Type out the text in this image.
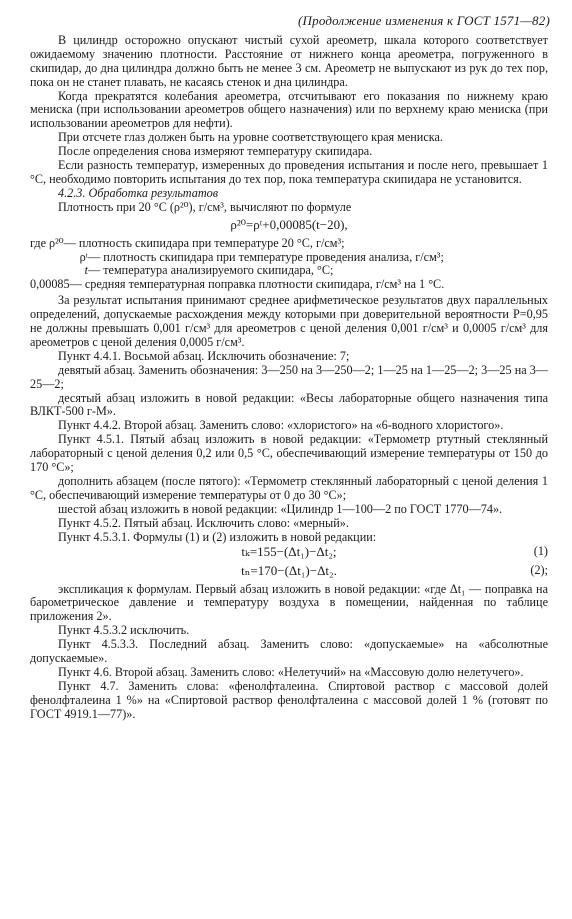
(Продолжение изменения к ГОСТ 1571—82)

В цилиндр осторожно опускают чистый сухой ареометр, шкала которого соответствует ожидаемому значению плотности. Расстояние от нижнего конца ареометра, погруженного в скипидар, до дна цилиндра должно быть не менее 3 см. Ареометр не выпускают из рук до тех пор, пока он не станет плавать, не касаясь стенок и дна цилиндра.

Когда прекратятся колебания ареометра, отсчитывают его показания по нижнему краю мениска (при использовании ареометров общего назначения) или по верхнему краю мениска (при использовании ареометров для нефти).

При отсчете глаз должен быть на уровне соответствующего края мениска.

После определения снова измеряют температуру скипидара.

Если разность температур, измеренных до проведения испытания и после него, превышает 1 °C, необходимо повторить испытания до тех пор, пока температура скипидара не установится.

4.2.3. Обработка результатов

Плотность при 20 °C (ρ²⁰), г/см³, вычисляют по формуле

ρ²⁰=ρᵗ+0,00085(t−20),
где ρ²⁰ — плотность скипидара при температуре 20 °C, г/см³;
ρᵗ — плотность скипидара при температуре проведения анализа, г/см³;
t — температура анализируемого скипидара, °C;
0,00085 — средняя температурная поправка плотности скипидара, г/см³ на 1 °C.

За результат испытания принимают среднее арифметическое результатов двух параллельных определений, допускаемые расхождения между которыми при доверительной вероятности P=0,95 не должны превышать 0,001 г/см³ для ареометров с ценой деления 0,001 г/см³ и 0,0005 г/см³ для ареометров с ценой деления 0,0005 г/см³.

Пункт 4.4.1. Восьмой абзац. Исключить обозначение: 7;

девятый абзац. Заменить обозначения: 3—250 на 3—250—2; 1—25 на 1—25—2; 3—25 на 3—25—2;

десятый абзац изложить в новой редакции: «Весы лабораторные общего назначения типа ВЛКТ-500 г-М».

Пункт 4.4.2. Второй абзац. Заменить слово: «хлористого» на «6-водного хлористого».

Пункт 4.5.1. Пятый абзац изложить в новой редакции: «Термометр ртутный стеклянный лабораторный с ценой деления 0,2 или 0,5 °C, обеспечивающий измерение температуры от 150 до 170 °C»;

дополнить абзацем (после пятого): «Термометр стеклянный лабораторный с ценой деления 1 °C, обеспечивающий измерение температуры от 0 до 30 °C»;

шестой абзац изложить в новой редакции: «Цилиндр 1—100—2 по ГОСТ 1770—74».

Пункт 4.5.2. Пятый абзац. Исключить слово: «мерный».

Пункт 4.5.3.1. Формулы (1) и (2) изложить в новой редакции:

tₖ=155−(Δt₁)−Δt₂;	(1)
tₙ=170−(Δt₁)−Δt₂.	(2);

экспликация к формулам. Первый абзац изложить в новой редакции: «где Δt₁ — поправка на барометрическое давление и температуру воздуха в помещении, найденная по таблице приложения 2».

Пункт 4.5.3.2 исключить.

Пункт 4.5.3.3. Последний абзац. Заменить слово: «допускаемые» на «абсолютные допускаемые».

Пункт 4.6. Второй абзац. Заменить слово: «Нелетучий» на «Массовую долю нелетучего».

Пункт 4.7. Заменить слова: «фенолфталеина. Спиртовой раствор с массовой долей фенолфталеина 1 %» на «Спиртовой раствор фенолфталеина с массовой долей 1 % (готовят по ГОСТ 4919.1—77)».
